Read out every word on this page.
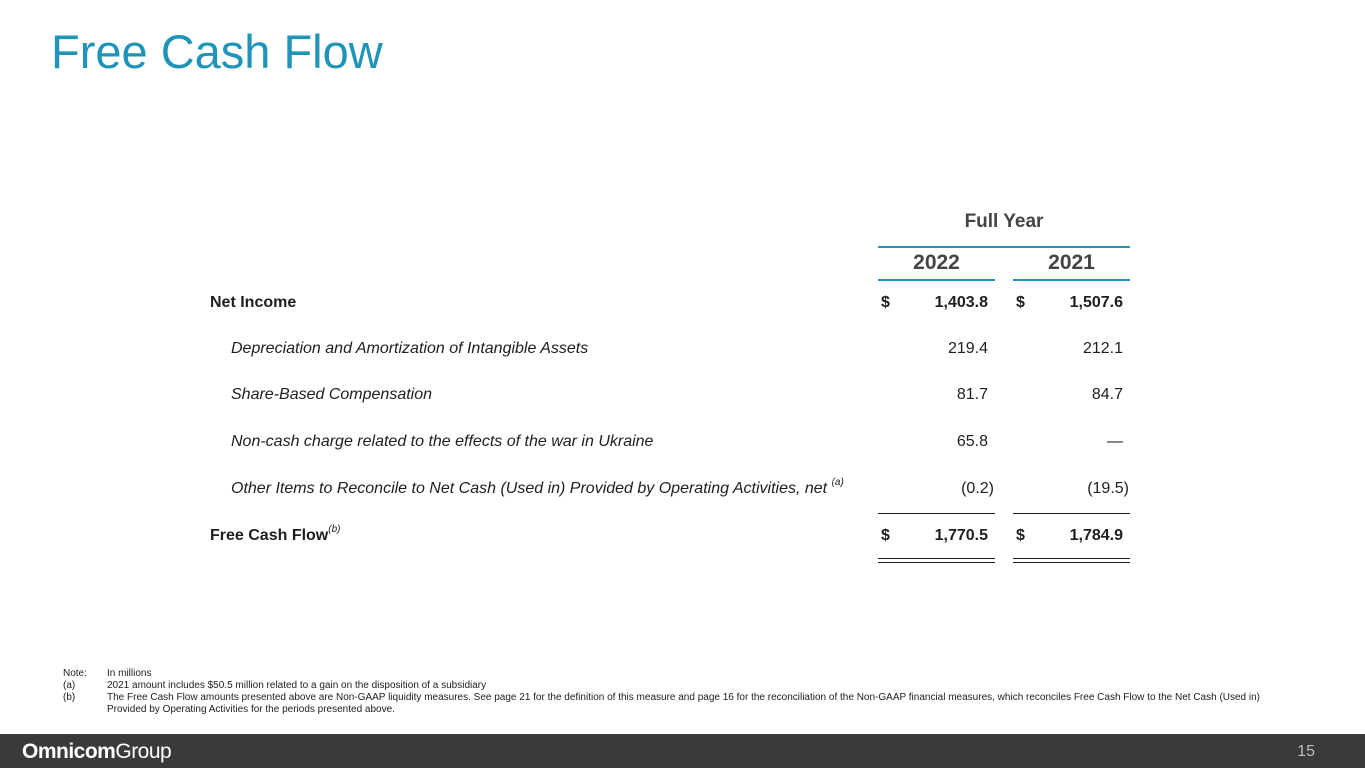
Free Cash Flow
Full Year
2022	2021
Net Income	$	1,403.8 $	1,507.6
Depreciation and Amortization of Intangible Assets	219.4	212.1
Share-Based Compensation	81.7	84.7
Non-cash charge related to the effects of the war in Ukraine	65.8	—
Other Items to Reconcile to Net Cash (Used in) Provided by Operating Activities, net $^{(a)}$	(0.2)	(19.5)
Free Cash Flow$^{(b)}$	$	1,770.5 $	1,784.9
Note:	In millions
(a)	2021 amount includes $50.5 million related to a gain on the disposition of a subsidiary
(b)	The Free Cash Flow amounts presented above are Non-GAAP liquidity measures. See page 21 for the definition of this measure and page 16 for the reconciliation of the Non-GAAP financial measures, which reconciles Free Cash Flow to the Net Cash (Used in) Provided by Operating Activities for the periods presented above.
OmnicomGroup	15
